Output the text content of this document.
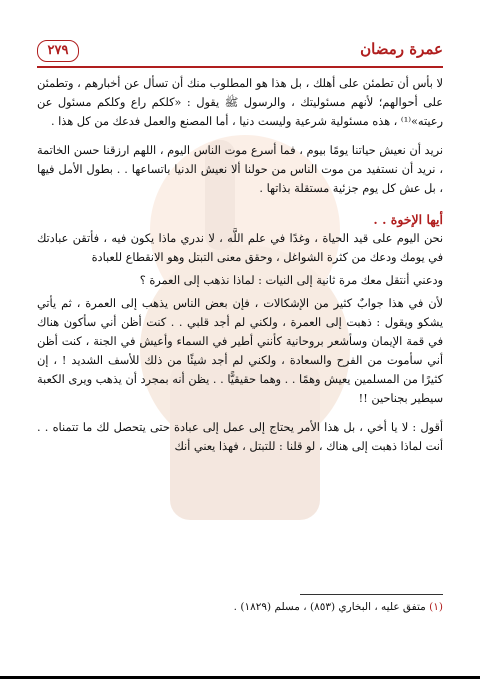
عمرة رمضان
٢٧٩

لا بأس أن تطمئن على أهلك ، بل هذا هو المطلوب منك أن تسأل عن أخبارهم ، وتطمئن على أحوالهم؛ لأنهم مسئوليتك ، والرسول ﷺ يقول : «كلكم راع وكلكم مسئول عن رعيته»⁽¹⁾ ، هذه مسئولية شرعية وليست دنيا ، أما المصنع والعمل فدعك من كل هذا .

نريد أن نعيش حياتنا يومًا بيوم ، فما أسرع موت الناس اليوم ، اللهم ارزقنا حسن الخاتمة ، نريد أن نستفيد من موت الناس من حولنا ألا نعيش الدنيا باتساعها . . بطول الأمل فيها ، بل عش كل يوم جزئية مستقلة بذاتها .

أيها الإخوة . .

نحن اليوم على قيد الحياة ، وغدًا في علم اللَّه ، لا ندري ماذا يكون فيه ، فأتقن عبادتك في يومك ودعك من كثرة الشواغل ، وحقق معنى التبتل وهو الانقطاع للعبادة

ودعني أنتقل معك مرة ثانية إلى النيات : لماذا نذهب إلى العمرة ؟

لأن في هذا جوابٌ كثير من الإشكالات ، فإن بعض الناس يذهب إلى العمرة ، ثم يأتي يشكو ويقول : ذهبت إلى العمرة ، ولكني لم أجد قلبي . . كنت أظن أني سأكون هناك في قمة الإيمان وسأشعر بروحانية كأنني أطير في السماء وأعيش في الجنة ، كنت أظن أني سأموت من الفرح والسعادة ، ولكني لم أجد شيئًا من ذلك للأسف الشديد ! ، إن كثيرًا من المسلمين يعيش وهمًا . . وهما حقيقيًّا . . يظن أنه بمجرد أن يذهب ويرى الكعبة سيطير بجناحين !!

أقول : لا يا أخي ، بل هذا الأمر يحتاج إلى عمل إلى عبادة حتى يتحصل لك ما تتمناه . . أنت لماذا ذهبت إلى هناك ، لو قلنا : للتبتل ، فهذا يعني أنك

(١) متفق عليه ، البخاري (٨٥٣) ، مسلم (١٨٢٩) .
